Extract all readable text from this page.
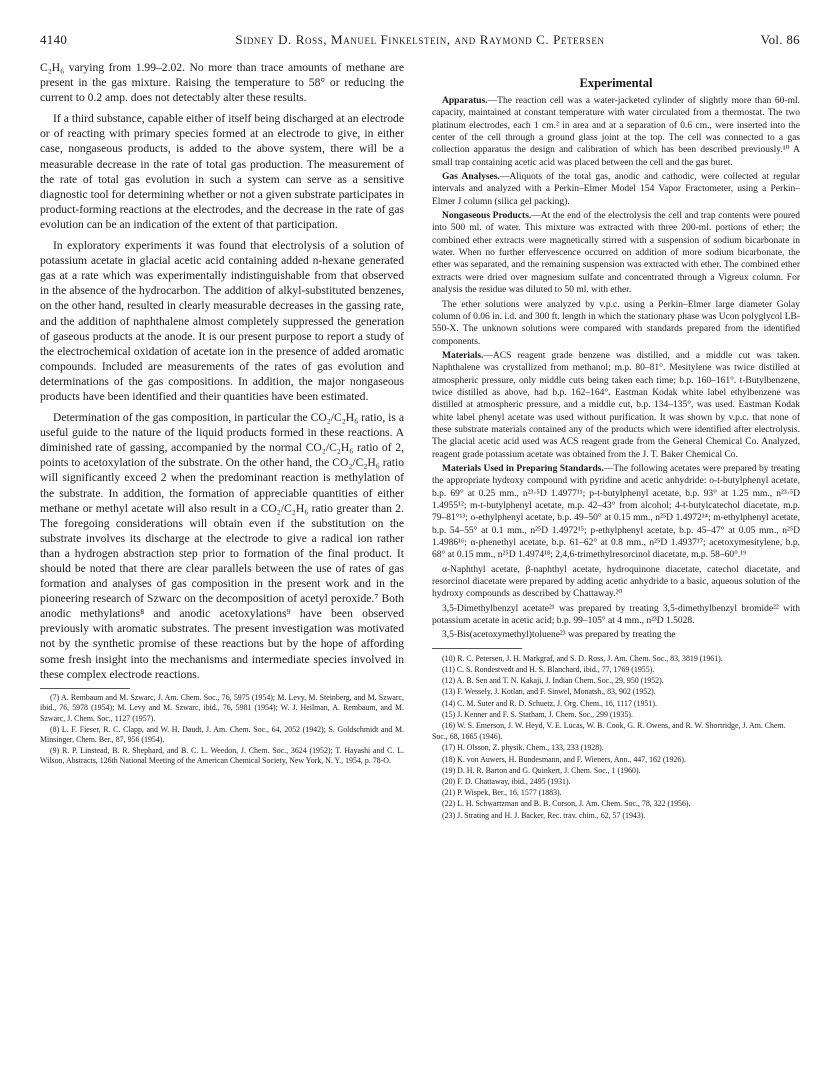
4140	Sidney D. Ross, Manuel Finkelstein, and Raymond C. Petersen	Vol. 86

C₂H₆ varying from 1.99–2.02. No more than trace amounts of methane are present in the gas mixture. Raising the temperature to 58° or reducing the current to 0.2 amp. does not detectably alter these results.

If a third substance, capable either of itself being discharged at an electrode or of reacting with primary species formed at an electrode to give, in either case, nongaseous products, is added to the above system, there will be a measurable decrease in the rate of total gas production. The measurement of the rate of total gas evolution in such a system can serve as a sensitive diagnostic tool for determining whether or not a given substrate participates in product-forming reactions at the electrodes, and the decrease in the rate of gas evolution can be an indication of the extent of that participation.

In exploratory experiments it was found that electrolysis of a solution of potassium acetate in glacial acetic acid containing added n-hexane generated gas at a rate which was experimentally indistinguishable from that observed in the absence of the hydrocarbon. The addition of alkyl-substituted benzenes, on the other hand, resulted in clearly measurable decreases in the gassing rate, and the addition of naphthalene almost completely suppressed the generation of gaseous products at the anode. It is our present purpose to report a study of the electrochemical oxidation of acetate ion in the presence of added aromatic compounds. Included are measurements of the rates of gas evolution and determinations of the gas compositions. In addition, the major nongaseous products have been identified and their quantities have been estimated.

Determination of the gas composition, in particular the CO₂/C₂H₆ ratio, is a useful guide to the nature of the liquid products formed in these reactions. A diminished rate of gassing, accompanied by the normal CO₂/C₂H₆ ratio of 2, points to acetoxylation of the substrate. On the other hand, the CO₂/C₂H₆ ratio will significantly exceed 2 when the predominant reaction is methylation of the substrate. In addition, the formation of appreciable quantities of either methane or methyl acetate will also result in a CO₂/C₂H₆ ratio greater than 2. The foregoing considerations will obtain even if the substitution on the substrate involves its discharge at the electrode to give a radical ion rather than a hydrogen abstraction step prior to formation of the final product. It should be noted that there are clear parallels between the use of rates of gas formation and analyses of gas composition in the present work and in the pioneering research of Szwarc on the decomposition of acetyl peroxide.⁷ Both anodic methylations⁸ and anodic acetoxylations⁹ have been observed previously with aromatic substrates. The present investigation was motivated not by the synthetic promise of these reactions but by the hope of affording some fresh insight into the mechanisms and intermediate species involved in these complex electrode reactions.

(7) A. Rembaum and M. Szwarc, J. Am. Chem. Soc., 76, 5975 (1954); M. Levy, M. Steinberg, and M. Szwarc, ibid., 76, 5978 (1954); M. Levy and M. Szwarc, ibid., 76, 5981 (1954); W. J. Heilman, A. Rembaum, and M. Szwarc, J. Chem. Soc., 1127 (1957).

(8) L. F. Fieser, R. C. Clapp, and W. H. Daudt, J. Am. Chem. Soc., 64, 2052 (1942); S. Goldschmidt and M. Minsinger, Chem. Ber., 87, 956 (1954).

(9) R. P. Linstead, B. R. Shephard, and B. C. L. Weedon, J. Chem. Soc., 3624 (1952); T. Hayashi and C. L. Wilson, Abstracts, 126th National Meeting of the American Chemical Society, New York, N. Y., 1954, p. 78-O.

Experimental

Apparatus.—The reaction cell was a water-jacketed cylinder of slightly more than 60-ml. capacity, maintained at constant temperature with water circulated from a thermostat. The two platinum electrodes, each 1 cm.² in area and at a separation of 0.6 cm., were inserted into the center of the cell through a ground glass joint at the top. The cell was connected to a gas collection apparatus the design and calibration of which has been described previously.¹⁰ A small trap containing acetic acid was placed between the cell and the gas buret.

Gas Analyses.—Aliquots of the total gas, anodic and cathodic, were collected at regular intervals and analyzed with a Perkin–Elmer Model 154 Vapor Fractometer, using a Perkin–Elmer J column (silica gel packing).

Nongaseous Products.—At the end of the electrolysis the cell and trap contents were poured into 500 ml. of water. This mixture was extracted with three 200-ml. portions of ether; the combined ether extracts were magnetically stirred with a suspension of sodium bicarbonate in water. When no further effervescence occurred on addition of more sodium bicarbonate, the ether was separated, and the remaining suspension was extracted with ether. The combined ether extracts were dried over magnesium sulfate and concentrated through a Vigreux column. For analysis the residue was diluted to 50 ml. with ether.

The ether solutions were analyzed by v.p.c. using a Perkin–Elmer large diameter Golay column of 0.06 in. i.d. and 300 ft. length in which the stationary phase was Ucon polyglycol LB-550-X. The unknown solutions were compared with standards prepared from the identified components.

Materials.—ACS reagent grade benzene was distilled, and a middle cut was taken. Naphthalene was crystallized from methanol; m.p. 80–81°. Mesitylene was twice distilled at atmospheric pressure, only middle cuts being taken each time; b.p. 160–161°. t-Butylbenzene, twice distilled as above, had b.p. 162–164°. Eastman Kodak white label ethylbenzene was distilled at atmospheric pressure, and a middle cut, b.p. 134–135°, was used. Eastman Kodak white label phenyl acetate was used without purification. It was shown by v.p.c. that none of these substrate materials contained any of the products which were identified after electrolysis. The glacial acetic acid used was ACS reagent grade from the General Chemical Co. Analyzed, reagent grade potassium acetate was obtained from the J. T. Baker Chemical Co.

Materials Used in Preparing Standards.—The following acetates were prepared by treating the appropriate hydroxy compound with pyridine and acetic anhydride: o-t-butylphenyl acetate, b.p. 69° at 0.25 mm., n²³·⁵D 1.4977¹¹; p-t-butylphenyl acetate, b.p. 93° at 1.25 mm., n²³·⁵D 1.4955¹²; m-t-butylphenyl acetate, m.p. 42–43° from alcohol; 4-t-butylcatechol diacetate, m.p. 79–81°¹³; o-ethylphenyl acetate, b.p. 49–50° at 0.15 mm., n²⁵D 1.4972¹⁴; m-ethylphenyl acetate, b.p. 54–55° at 0.1 mm., n²⁵D 1.4972¹⁵; p-ethylphenyl acetate, b.p. 45–47° at 0.05 mm., n²⁵D 1.4986¹⁶; α-phenethyl acetate, b.p. 61–62° at 0.8 mm., n²⁵D 1.4937¹⁷; acetoxymesitylene, b.p. 68° at 0.15 mm., n²⁵D 1.4974¹⁸; 2,4,6-trimethylresorcinol diacetate, m.p. 58–60°.¹⁹

α-Naphthyl acetate, β-naphthyl acetate, hydroquinone diacetate, catechol diacetate, and resorcinol diacetate were prepared by adding acetic anhydride to a basic, aqueous solution of the hydroxy compounds as described by Chattaway.²⁰

3,5-Dimethylbenzyl acetate²¹ was prepared by treating 3,5-dimethylbenzyl bromide²² with potassium acetate in acetic acid; b.p. 99–105° at 4 mm., n²³D 1.5028.

3,5-Bis(acetoxymethyl)toluene²³ was prepared by treating the

(10) R. C. Petersen, J. H. Markgraf, and S. D. Ross, J. Am. Chem. Soc., 83, 3819 (1961).

(11) C. S. Rondestvedt and H. S. Blanchard, ibid., 77, 1769 (1955).

(12) A. B. Sen and T. N. Kakaji, J. Indian Chem. Soc., 29, 950 (1952).

(13) F. Wessely, J. Kotlan, and F. Sinwel, Monatsh., 83, 902 (1952).

(14) C. M. Suter and R. D. Schuetz, J. Org. Chem., 16, 1117 (1951).

(15) J. Kenner and F. S. Statham, J. Chem. Soc., 299 (1935).

(16) W. S. Emerson, J. W. Heyd, V. E. Lucas, W. B. Cook, G. R. Owens, and R. W. Shortridge, J. Am. Chem. Soc., 68, 1665 (1946).

(17) H. Olsson, Z. physik. Chem., 133, 233 (1928).

(18) K. von Auwers, H. Bundesmann, and F. Wieners, Ann., 447, 162 (1926).

(19) D. H. R. Barton and G. Quinkert, J. Chem. Soc., 1 (1960).

(20) F. D. Chattaway, ibid., 2495 (1931).

(21) P. Wispek, Ber., 16, 1577 (1883).

(22) L. H. Schwartzman and B. B. Corson, J. Am. Chem. Soc., 78, 322 (1956).

(23) J. Strating and H. J. Backer, Rec. trav. chim., 62, 57 (1943).
